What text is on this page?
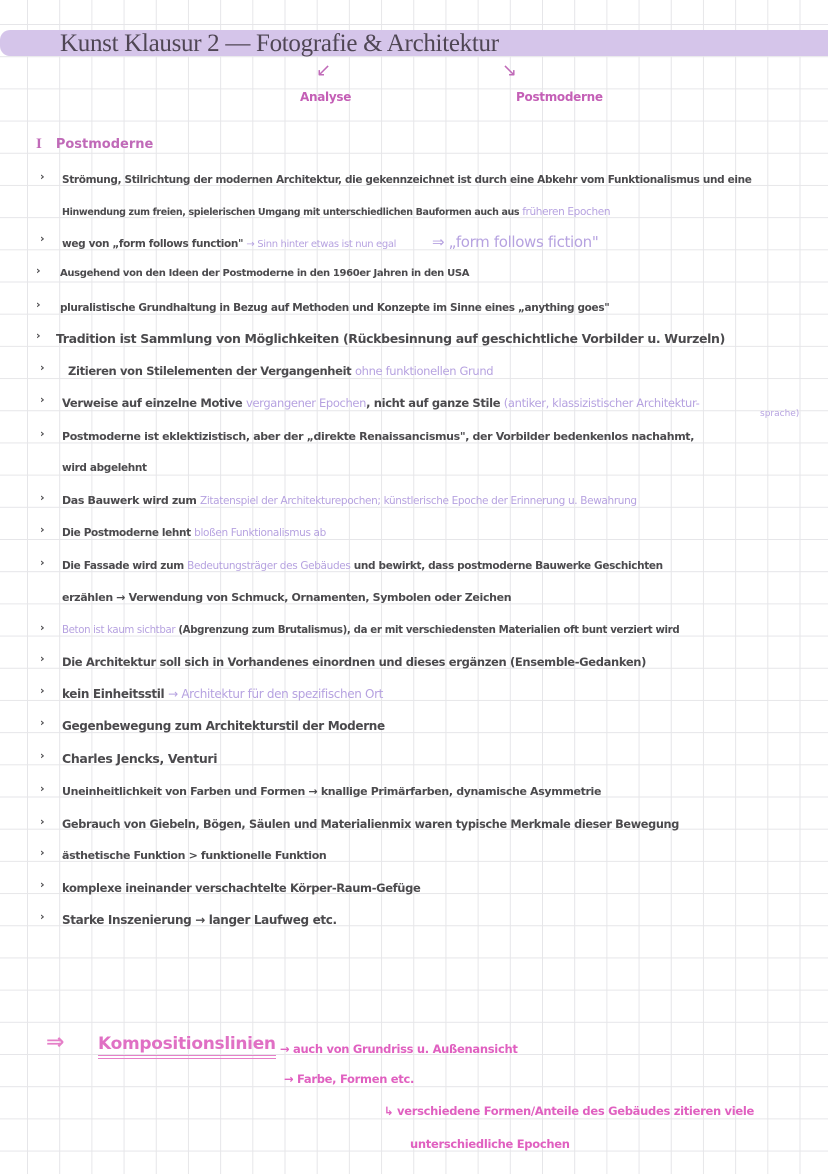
Kunst Klausur 2 — Fotografie & Architektur
↙
Analyse
↘
Postmoderne
I Postmoderne
› Strömung, Stilrichtung der modernen Architektur, die gekennzeichnet ist durch eine Abkehr vom Funktionalismus und eine
Hinwendung zum freien, spielerischen Umgang mit unterschiedlichen Bauformen auch aus früheren Epochen
› weg von „form follows function" → Sinn hinter etwas ist nun egal ⇒ „form follows fiction"
› Ausgehend von den Ideen der Postmoderne in den 1960er Jahren in den USA
› pluralistische Grundhaltung in Bezug auf Methoden und Konzepte im Sinne eines „anything goes"
› Tradition ist Sammlung von Möglichkeiten (Rückbesinnung auf geschichtliche Vorbilder u. Wurzeln)
› Zitieren von Stilelementen der Vergangenheit ohne funktionellen Grund
› Verweise auf einzelne Motive vergangener Epochen, nicht auf ganze Stile (antiker, klassizistischer Architektur-
sprache)
› Postmoderne ist eklektizistisch, aber der „direkte Renaissancismus", der Vorbilder bedenkenlos nachahmt,
wird abgelehnt
› Das Bauwerk wird zum Zitatenspiel der Architekturepochen; künstlerische Epoche der Erinnerung u. Bewahrung
› Die Postmoderne lehnt bloßen Funktionalismus ab
› Die Fassade wird zum Bedeutungsträger des Gebäudes und bewirkt, dass postmoderne Bauwerke Geschichten
erzählen → Verwendung von Schmuck, Ornamenten, Symbolen oder Zeichen
› Beton ist kaum sichtbar (Abgrenzung zum Brutalismus), da er mit verschiedensten Materialien oft bunt verziert wird
› Die Architektur soll sich in Vorhandenes einordnen und dieses ergänzen (Ensemble-Gedanken)
› kein Einheitsstil → Architektur für den spezifischen Ort
› Gegenbewegung zum Architekturstil der Moderne
› Charles Jencks, Venturi
› Uneinheitlichkeit von Farben und Formen → knallige Primärfarben, dynamische Asymmetrie
› Gebrauch von Giebeln, Bögen, Säulen und Materialienmix waren typische Merkmale dieser Bewegung
› ästhetische Funktion > funktionelle Funktion
› komplexe ineinander verschachtelte Körper-Raum-Gefüge
› Starke Inszenierung → langer Laufweg etc.
⇒ Kompositionslinien → auch von Grundriss u. Außenansicht
→ Farbe, Formen etc.
↳ verschiedene Formen/Anteile des Gebäudes zitieren viele
unterschiedliche Epochen
